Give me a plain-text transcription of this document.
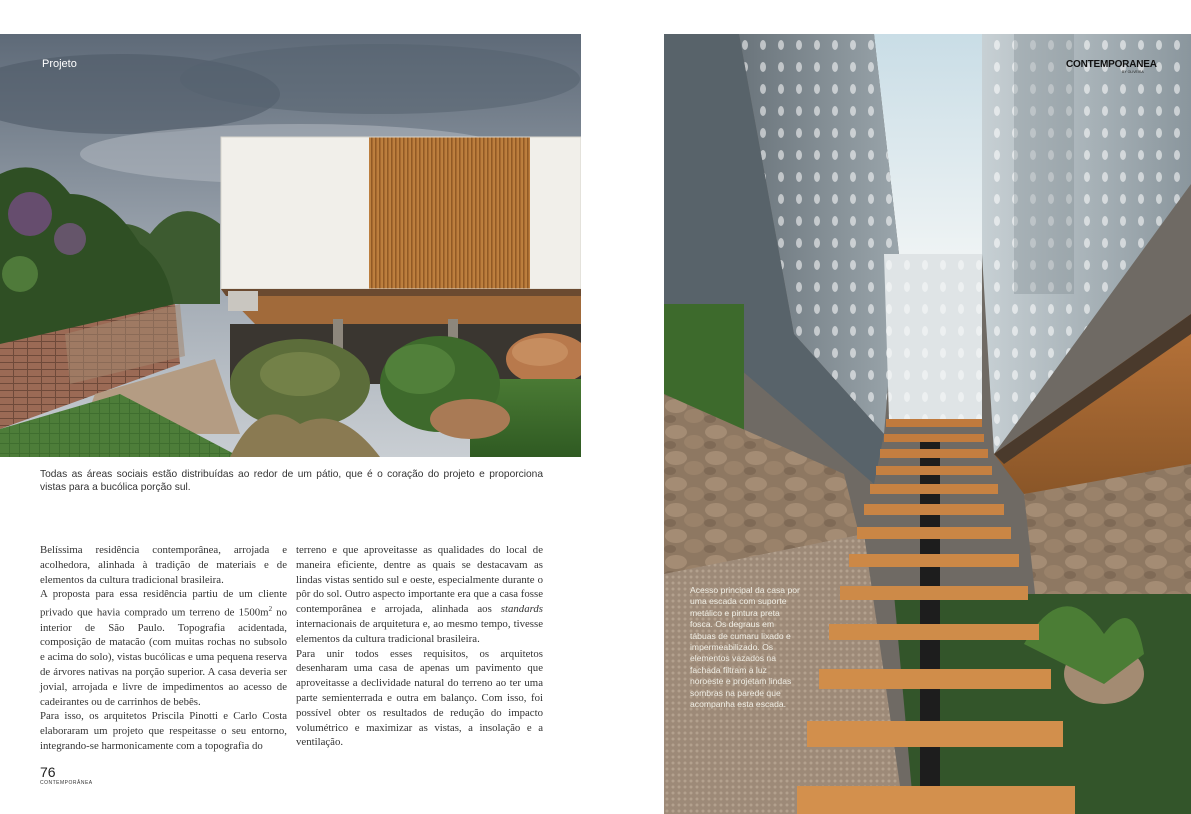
Projeto
Todas as áreas sociais estão distribuídas ao redor de um pátio, que é o coração do projeto e proporciona vistas para a bucólica porção sul.

Belíssima residência contemporânea, arrojada e acolhedora, alinhada à tradição de materiais e de elementos da cultura tradicional brasileira.

A proposta para essa residência partiu de um cliente privado que havia comprado um terreno de $1500m^2$ no interior de São Paulo. Topografia acidentada, composição de matacão (com muitas rochas no subsolo e acima do solo), vistas bucólicas e uma pequena reserva de árvores nativas na porção superior. A casa deveria ser jovial, arrojada e livre de impedimentos ao acesso de cadeirantes ou de carrinhos de bebês.

Para isso, os arquitetos Priscila Pinotti e Carlo Costa elaboraram um projeto que respeitasse o seu entorno, integrando-se harmonicamente com a topografia do

terreno e que aproveitasse as qualidades do local de maneira eficiente, dentre as quais se destacavam as lindas vistas sentido sul e oeste, especialmente durante o pôr do sol. Outro aspecto importante era que a casa fosse contemporânea e arrojada, alinhada aos standards internacionais de arquitetura e, ao mesmo tempo, tivesse elementos da cultura tradicional brasileira.

Para unir todos esses requisitos, os arquitetos desenharam uma casa de apenas um pavimento que aproveitasse a declividade natural do terreno ao ter uma parte semienterrada e outra em balanço. Com isso, foi possível obter os resultados de redução do impacto volumétrico e maximizar as vistas, a insolação e a ventilação.

76
CONTEMPORÂNEA
CONTEMPORANEA
BY OLIVEIRA
Acesso principal da casa por uma escada com suporte metálico e pintura preta fosca. Os degraus em tábuas de cumaru lixado e impermeabilizado. Os elementos vazados na fachada filtram a luz noroeste e projetam lindas sombras na parede que acompanha esta escada.
